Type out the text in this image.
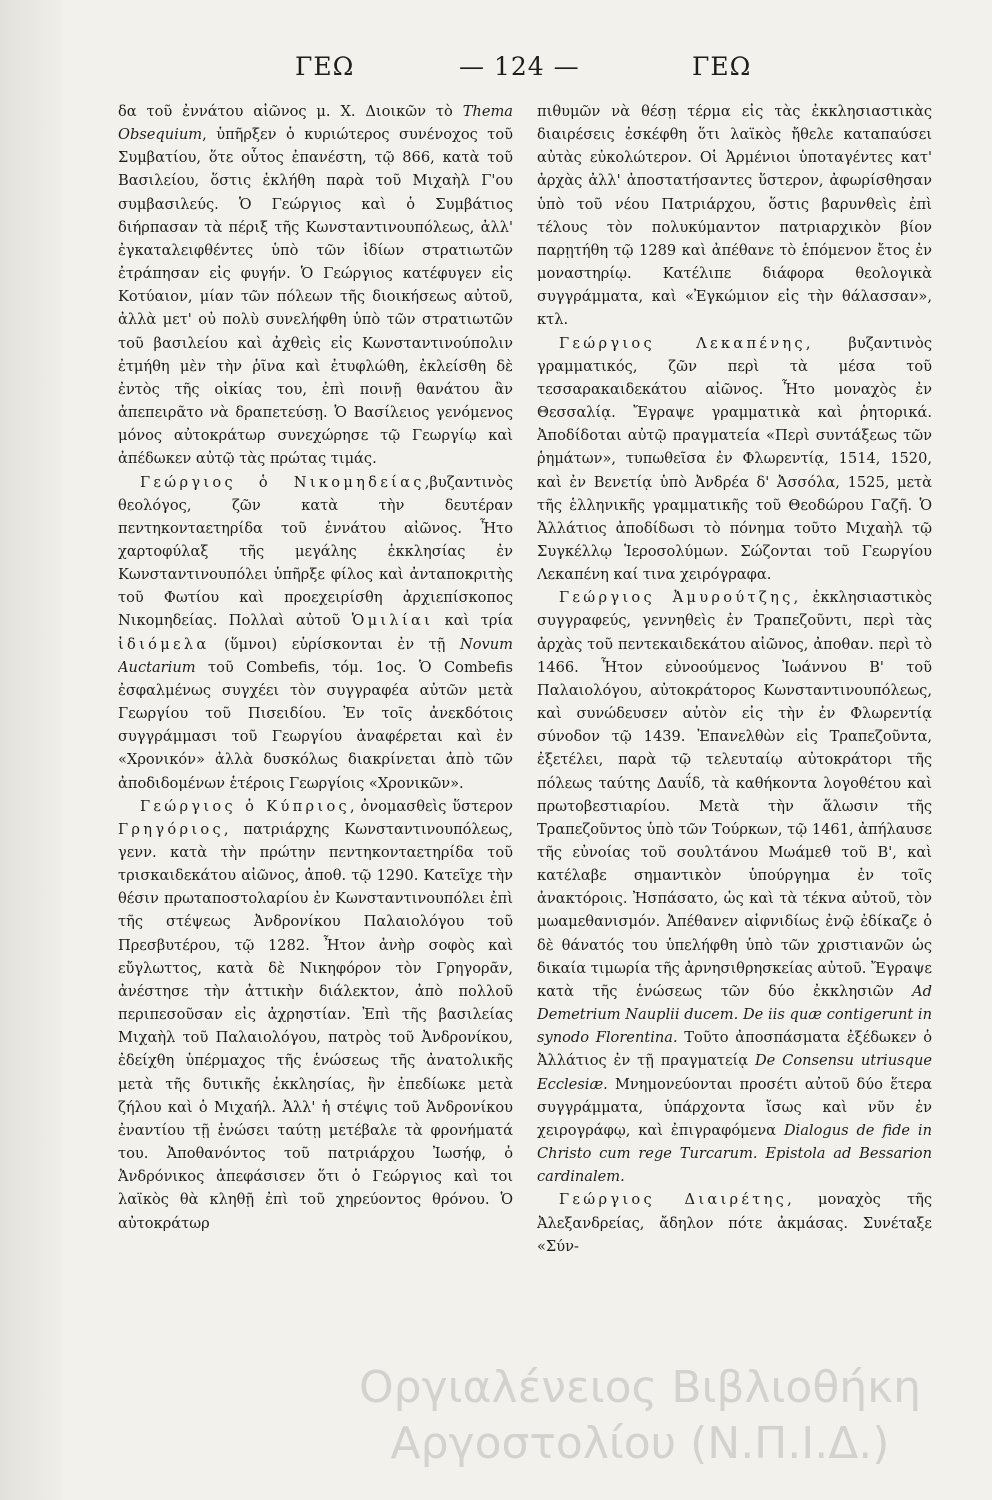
ΓΕΩ	— 124 —	ΓΕΩ

δα τοῦ ἐννάτου αἰῶνος μ. Χ. Διοικῶν τὸ Thema Obsequium, ὑπῆρξεν ὁ κυριώτερος συνένοχος τοῦ Συμβατίου, ὅτε οὗτος ἐπανέστη, τῷ 866, κατὰ τοῦ Βασιλείου, ὅστις ἐκλήθη παρὰ τοῦ Μιχαὴλ Γ'ου συμβασιλεύς. Ὁ Γεώργιος καὶ ὁ Συμβάτιος διήρπασαν τὰ πέριξ τῆς Κωνσταντινουπόλεως, ἀλλ' ἐγκαταλειφθέντες ὑπὸ τῶν ἰδίων στρατιωτῶν ἐτράπησαν εἰς φυγήν. Ὁ Γεώργιος κατέφυγεν εἰς Κοτύαιον, μίαν τῶν πόλεων τῆς διοικήσεως αὐτοῦ, ἀλλὰ μετ' οὐ πολὺ συνελήφθη ὑπὸ τῶν στρατιωτῶν τοῦ βασιλείου καὶ ἀχθεὶς εἰς Κωνσταντινούπολιν ἐτμήθη μὲν τὴν ῥῖνα καὶ ἐτυφλώθη, ἐκλείσθη δὲ ἐντὸς τῆς οἰκίας του, ἐπὶ ποινῇ θανάτου ἂν ἀπεπειρᾶτο νὰ δραπετεύσῃ. Ὁ Βασίλειος γενόμενος μόνος αὐτοκράτωρ συνεχώρησε τῷ Γεωργίῳ καὶ ἀπέδωκεν αὐτῷ τὰς πρώτας τιμάς.

Γεώργιος ὁ Νικομηδείας,βυζαντινὸς θεολόγος, ζῶν κατὰ τὴν δευτέραν πεντηκονταετηρίδα τοῦ ἐννάτου αἰῶνος. Ἦτο χαρτοφύλαξ τῆς μεγάλης ἐκκλησίας ἐν Κωνσταντινουπόλει ὑπῆρξε φίλος καὶ ἀνταποκριτὴς τοῦ Φωτίου καὶ προεχειρίσθη ἀρχιεπίσκοπος Νικομηδείας. Πολλαὶ αὐτοῦ Ὁμιλίαι καὶ τρία ἰδιόμελα (ὕμνοι) εὑρίσκονται ἐν τῇ Novum Auctarium τοῦ Combefis, τόμ. 1ος. Ὁ Combefis ἐσφαλμένως συγχέει τὸν συγγραφέα αὐτῶν μετὰ Γεωργίου τοῦ Πισειδίου. Ἐν τοῖς ἀνεκδότοις συγγράμμασι τοῦ Γεωργίου ἀναφέρεται καὶ ἐν «Χρονικόν» ἀλλὰ δυσκόλως διακρίνεται ἀπὸ τῶν ἀποδιδομένων ἑτέροις Γεωργίοις «Χρονικῶν».

Γεώργιος ὁ Κύπριος, ὀνομασθεὶς ὕστερον Γρηγόριος, πατριάρχης Κωνσταντινουπόλεως, γενν. κατὰ τὴν πρώτην πεντηκονταετηρίδα τοῦ τρισκαιδεκάτου αἰῶνος, ἀποθ. τῷ 1290. Κατεῖχε τὴν θέσιν πρωταποστολαρίου ἐν Κωνσταντινουπόλει ἐπὶ τῆς στέψεως Ἀνδρονίκου Παλαιολόγου τοῦ Πρεσβυτέρου, τῷ 1282. Ἦτον ἀνὴρ σοφὸς καὶ εὔγλωττος, κατὰ δὲ Νικηφόρον τὸν Γρηγορᾶν, ἀνέστησε τὴν ἀττικὴν διάλεκτον, ἀπὸ πολλοῦ περιπεσοῦσαν εἰς ἀχρηστίαν. Ἐπὶ τῆς βασιλείας Μιχαὴλ τοῦ Παλαιολόγου, πατρὸς τοῦ Ἀνδρονίκου, ἐδείχθη ὑπέρμαχος τῆς ἑνώσεως τῆς ἀνατολικῆς μετὰ τῆς δυτικῆς ἐκκλησίας, ἣν ἐπεδίωκε μετὰ ζήλου καὶ ὁ Μιχαήλ. Ἀλλ' ἡ στέψις τοῦ Ἀνδρονίκου ἐναντίου τῇ ἑνώσει ταύτῃ μετέβαλε τὰ φρονήματά του. Ἀποθανόντος τοῦ πατριάρχου Ἰωσήφ, ὁ Ἀνδρόνικος ἀπεφάσισεν ὅτι ὁ Γεώργιος καὶ τοι λαϊκὸς θὰ κληθῇ ἐπὶ τοῦ χηρεύοντος θρόνου. Ὁ αὐτοκράτωρ

πιθυμῶν νὰ θέσῃ τέρμα εἰς τὰς ἐκκλησιαστικὰς διαιρέσεις ἐσκέφθη ὅτι λαϊκὸς ἤθελε καταπαύσει αὐτὰς εὐκολώτερον. Οἱ Ἀρμένιοι ὑποταγέντες κατ' ἀρχὰς ἀλλ' ἀποστατήσαντες ὕστερον, ἀφωρίσθησαν ὑπὸ τοῦ νέου Πατριάρχου, ὅστις βαρυνθεὶς ἐπὶ τέλους τὸν πολυκύμαντον πατριαρχικὸν βίον παρῃτήθη τῷ 1289 καὶ ἀπέθανε τὸ ἑπόμενον ἔτος ἐν μοναστηρίῳ. Κατέλιπε διάφορα θεολογικὰ συγγράμματα, καὶ «Ἐγκώμιον εἰς τὴν θάλασσαν», κτλ.

Γεώργιος Λεκαπένης, βυζαντινὸς γραμματικός, ζῶν περὶ τὰ μέσα τοῦ τεσσαρακαιδεκάτου αἰῶνος. Ἦτο μοναχὸς ἐν Θεσσαλίᾳ. Ἔγραψε γραμματικὰ καὶ ῥητορικά. Ἀποδίδοται αὐτῷ πραγματεία «Περὶ συντάξεως τῶν ῥημάτων», τυπωθεῖσα ἐν Φλωρεντίᾳ, 1514, 1520, καὶ ἐν Βενετίᾳ ὑπὸ Ἀνδρέα δ' Ἀσσόλα, 1525, μετὰ τῆς ἑλληνικῆς γραμματικῆς τοῦ Θεοδώρου Γαζῆ. Ὁ Ἀλλάτιος ἀποδίδωσι τὸ πόνημα τοῦτο Μιχαὴλ τῷ Συγκέλλῳ Ἱεροσολύμων. Σώζονται τοῦ Γεωργίου Λεκαπένη καί τινα χειρόγραφα.

Γεώργιος Ἀμυρούτζης, ἐκκλησιαστικὸς συγγραφεύς, γεννηθεὶς ἐν Τραπεζοῦντι, περὶ τὰς ἀρχὰς τοῦ πεντεκαιδεκάτου αἰῶνος, ἀποθαν. περὶ τὸ 1466. Ἦτον εὐνοούμενος Ἰωάννου Β' τοῦ Παλαιολόγου, αὐτοκράτορος Κωνσταντινουπόλεως, καὶ συνώδευσεν αὐτὸν εἰς τὴν ἐν Φλωρεντίᾳ σύνοδον τῷ 1439. Ἐπανελθὼν εἰς Τραπεζοῦντα, ἐξετέλει, παρὰ τῷ τελευταίῳ αὐτοκράτορι τῆς πόλεως ταύτης Δαυΐδ, τὰ καθήκοντα λογοθέτου καὶ πρωτοβεστιαρίου. Μετὰ τὴν ἅλωσιν τῆς Τραπεζοῦντος ὑπὸ τῶν Τούρκων, τῷ 1461, ἀπήλαυσε τῆς εὐνοίας τοῦ σουλτάνου Μωάμεθ τοῦ Β', καὶ κατέλαβε σημαντικὸν ὑπούργημα ἐν τοῖς ἀνακτόροις. Ἠσπάσατο, ὡς καὶ τὰ τέκνα αὐτοῦ, τὸν μωαμεθανισμόν. Ἀπέθανεν αἰφνιδίως ἐνῷ ἐδίκαζε ὁ δὲ θάνατός του ὑπελήφθη ὑπὸ τῶν χριστιανῶν ὡς δικαία τιμωρία τῆς ἀρνησιθρησκείας αὐτοῦ. Ἔγραψε κατὰ τῆς ἑνώσεως τῶν δύο ἐκκλησιῶν Ad Demetrium Nauplii ducem. De iis quæ contigerunt in synodo Florentina. Τοῦτο ἀποσπάσματα ἐξέδωκεν ὁ Ἀλλάτιος ἐν τῇ πραγματείᾳ De Consensu utriusque Ecclesiæ. Μνημονεύονται προσέτι αὐτοῦ δύο ἕτερα συγγράμματα, ὑπάρχοντα ἴσως καὶ νῦν ἐν χειρογράφῳ, καὶ ἐπιγραφόμενα Dialogus de fide in Christo cum rege Turcarum. Epistola ad Bessarion cardinalem.

Γεώργιος Διαιρέτης, μοναχὸς τῆς Ἀλεξανδρείας, ἄδηλον πότε ἀκμάσας. Συνέταξε «Σύν-

Οργιαλένειος Βιβλιοθήκη
Αργοστολίου (Ν.Π.Ι.Δ.)
